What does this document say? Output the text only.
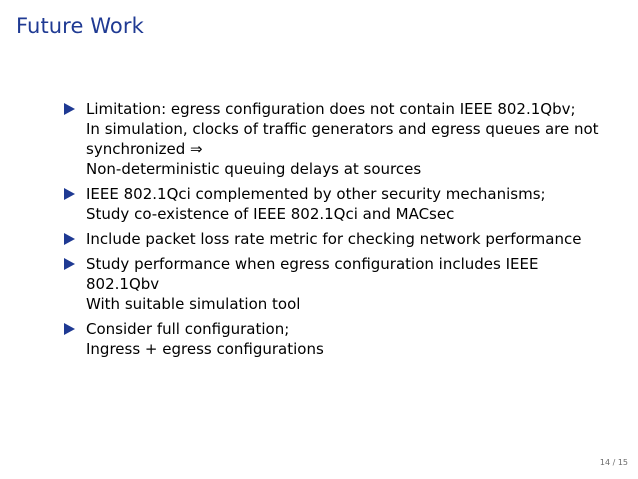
Future Work
Limitation: egress configuration does not contain IEEE 802.1Qbv;
In simulation, clocks of traffic generators and egress queues are not
synchronized ⇒
Non-deterministic queuing delays at sources
IEEE 802.1Qci complemented by other security mechanisms;
Study co-existence of IEEE 802.1Qci and MACsec
Include packet loss rate metric for checking network performance
Study performance when egress configuration includes IEEE
802.1Qbv
With suitable simulation tool
Consider full configuration;
Ingress + egress configurations
14 / 15
